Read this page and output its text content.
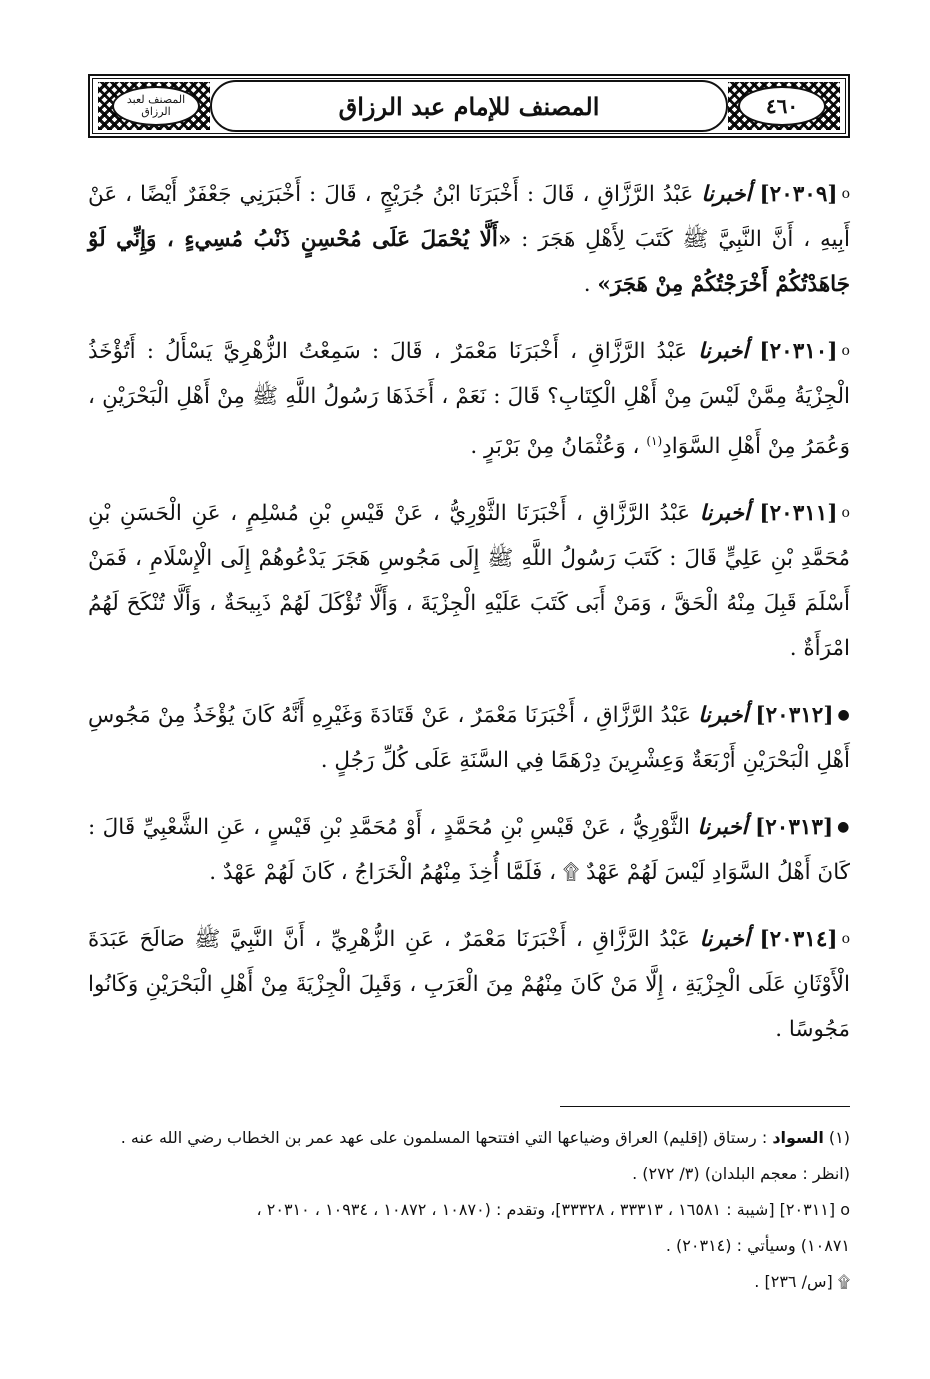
المصنف لعبد الرزاق	٤٦٠
المصنف للإمام عبد الرزاق

ο[٢٠٣٠٩] أخبرنا عَبْدُ الرَّزَّاقِ ، قَالَ : أَخْبَرَنَا ابْنُ جُرَيْجٍ ، قَالَ : أَخْبَرَنِي جَعْفَرٌ أَيْضًا ، عَنْ أَبِيهِ ، أَنَّ النَّبِيَّ ﷺ كَتَبَ لِأَهْلِ هَجَرَ : «أَلَّا يُحْمَلَ عَلَى مُحْسِنٍ ذَنْبُ مُسِيءٍ ، وَإِنِّي لَوْ جَاهَدْتُكُمْ أَخْرَجْتُكُمْ مِنْ هَجَرَ» .

ο[٢٠٣١٠] أخبرنا عَبْدُ الرَّزَّاقِ ، أَخْبَرَنَا مَعْمَرٌ ، قَالَ : سَمِعْتُ الزُّهْرِيَّ يَسْأَلُ : أَتُؤْخَذُ الْجِزْيَةُ مِمَّنْ لَيْسَ مِنْ أَهْلِ الْكِتَابِ؟ قَالَ : نَعَمْ ، أَخَذَهَا رَسُولُ اللَّهِ ﷺ مِنْ أَهْلِ الْبَحْرَيْنِ ، وَعُمَرُ مِنْ أَهْلِ السَّوَادِ$^{(١)}$ ، وَعُثْمَانُ مِنْ بَرْبَرٍ .

ο[٢٠٣١١] أخبرنا عَبْدُ الرَّزَّاقِ ، أَخْبَرَنَا الثَّوْرِيُّ ، عَنْ قَيْسِ بْنِ مُسْلِمٍ ، عَنِ الْحَسَنِ بْنِ مُحَمَّدِ بْنِ عَلِيٍّ قَالَ : كَتَبَ رَسُولُ اللَّهِ ﷺ إِلَى مَجُوسِ هَجَرَ يَدْعُوهُمْ إِلَى الْإِسْلَامِ ، فَمَنْ أَسْلَمَ قَبِلَ مِنْهُ الْحَقَّ ، وَمَنْ أَبَى كَتَبَ عَلَيْهِ الْجِزْيَةَ ، وَأَلَّا تُؤْكَلَ لَهُمْ ذَبِيحَةٌ ، وَأَلَّا تُنْكَحَ لَهُمُ امْرَأَةٌ .

●[٢٠٣١٢] أخبرنا عَبْدُ الرَّزَّاقِ ، أَخْبَرَنَا مَعْمَرٌ ، عَنْ قَتَادَةَ وَغَيْرِهِ أَنَّهُ كَانَ يُؤْخَذُ مِنْ مَجُوسِ أَهْلِ الْبَحْرَيْنِ أَرْبَعَةٌ وَعِشْرِينَ دِرْهَمًا فِي السَّنَةِ عَلَى كُلِّ رَجُلٍ .

●[٢٠٣١٣] أخبرنا الثَّوْرِيُّ ، عَنْ قَيْسِ بْنِ مُحَمَّدٍ ، أَوْ مُحَمَّدِ بْنِ قَيْسٍ ، عَنِ الشَّعْبِيِّ قَالَ : كَانَ أَهْلُ السَّوَادِ لَيْسَ لَهُمْ عَهْدٌ ۩ ، فَلَمَّا أُخِذَ مِنْهُمُ الْخَرَاجُ ، كَانَ لَهُمْ عَهْدٌ .

ο[٢٠٣١٤] أخبرنا عَبْدُ الرَّزَّاقِ ، أَخْبَرَنَا مَعْمَرٌ ، عَنِ الزُّهْرِيِّ ، أَنَّ النَّبِيَّ ﷺ صَالَحَ عَبَدَةَ الْأَوْثَانِ عَلَى الْجِزْيَةِ ، إِلَّا مَنْ كَانَ مِنْهُمْ مِنَ الْعَرَبِ ، وَقَبِلَ الْجِزْيَةَ مِنْ أَهْلِ الْبَحْرَيْنِ وَكَانُوا مَجُوسًا .

(١) السواد : رستاق (إقليم) العراق وضياعها التي افتتحها المسلمون على عهد عمر بن الخطاب رضي الله عنه .

(انظر : معجم البلدان) (٣/ ٢٧٢) .

ο [٢٠٣١١] [شيبة : ١٦٥٨١ ، ٣٣٣١٣ ، ٣٣٣٢٨]، وتقدم : (١٠٨٧٠ ، ١٠٨٧٢ ، ١٠٩٣٤ ، ٢٠٣١٠ ،

١٠٨٧١) وسيأتي : (٢٠٣١٤) .

۩ [س/ ٢٣٦] .
